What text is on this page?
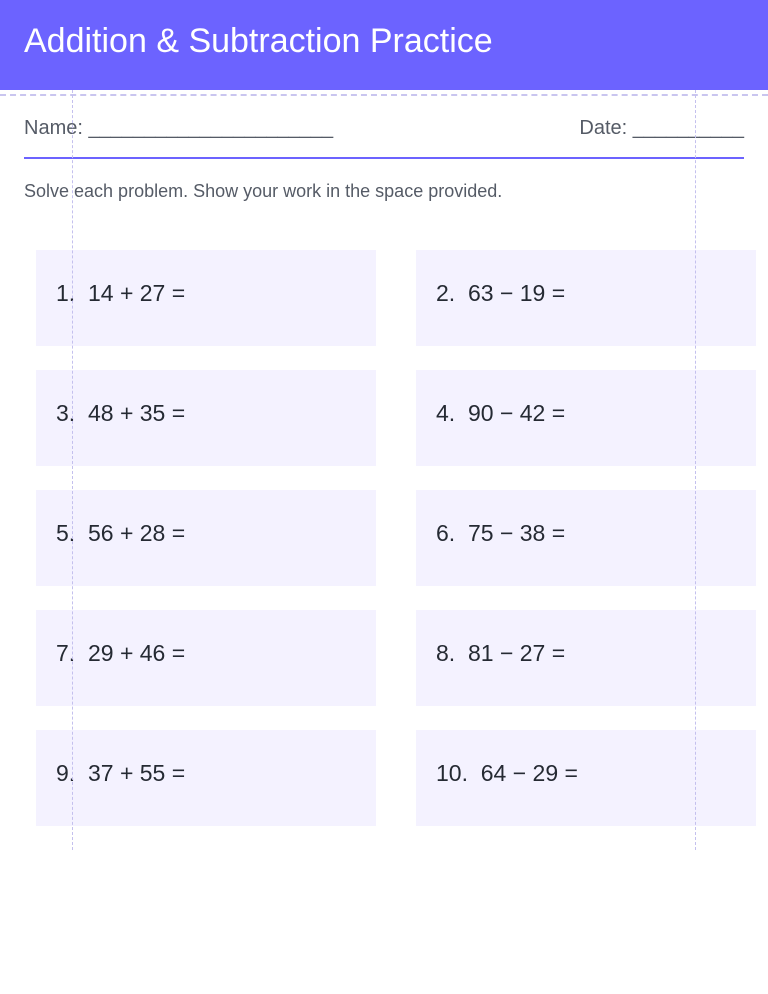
Addition & Subtraction Practice
Name: ______________________	Date: __________

Solve each problem. Show your work in the space provided.

1. 14 + 27 =	2. 63 − 19 =
3. 48 + 35 =	4. 90 − 42 =
5. 56 + 28 =	6. 75 − 38 =
7. 29 + 46 =	8. 81 − 27 =
9. 37 + 55 =	10. 64 − 29 =
